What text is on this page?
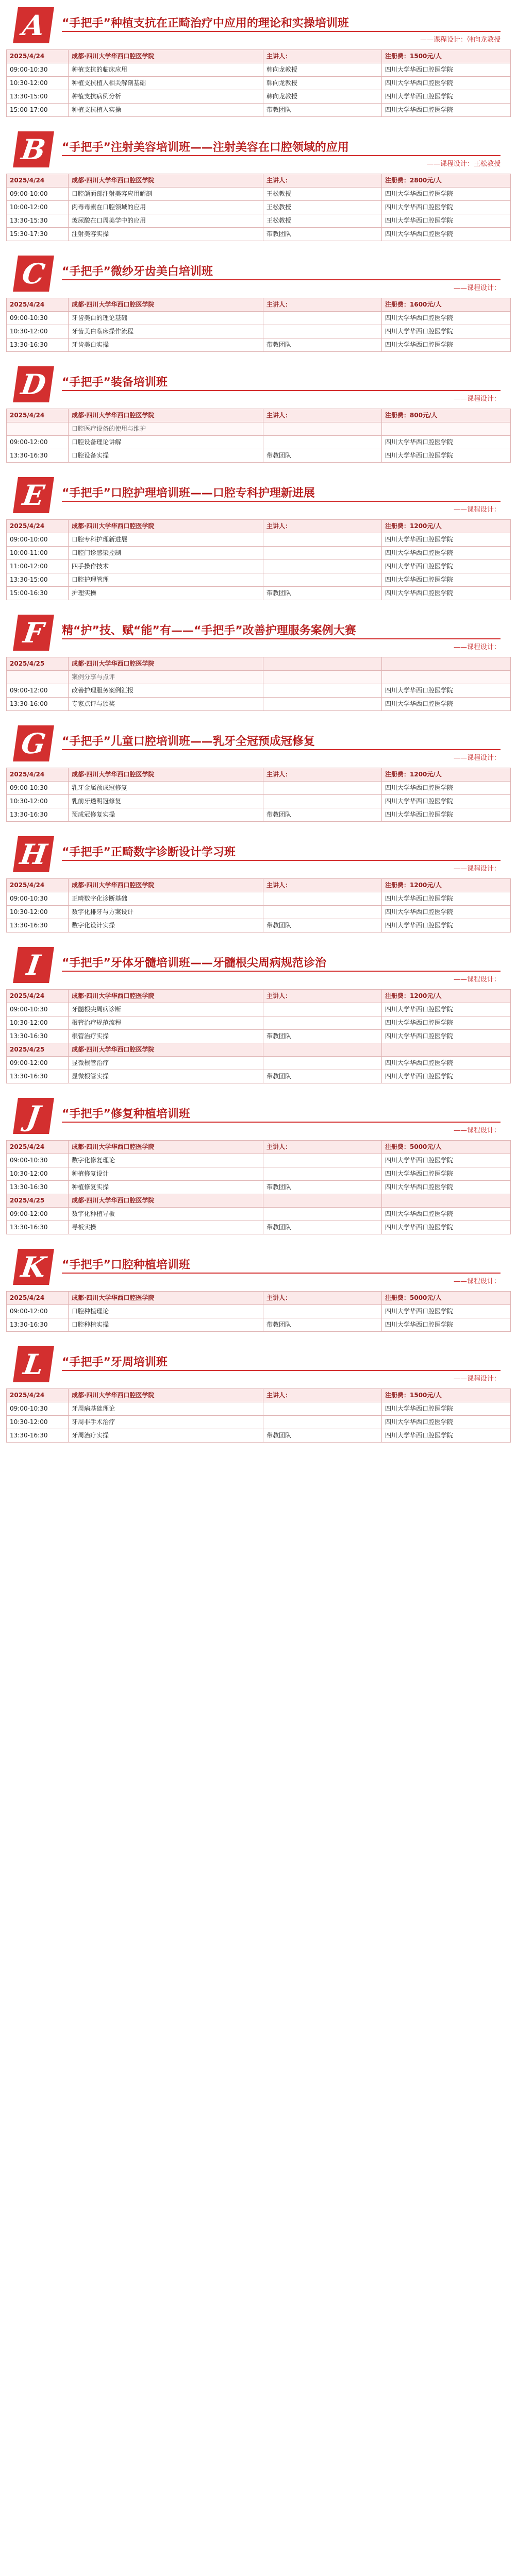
A	“手把手”种植支抗在正畸治疗中应用的理论和实操培训班
——课程设计：韩向龙教授
2025/4/24	成都·四川大学华西口腔医学院	主讲人：	注册费：1500元/人
09:00-10:30	种植支抗的临床应用	韩向龙教授	四川大学华西口腔医学院
10:30-12:00	种植支抗植入相关解剖基础	韩向龙教授	四川大学华西口腔医学院
13:30-15:00	种植支抗病例分析	韩向龙教授	四川大学华西口腔医学院
15:00-17:00	种植支抗植入实操	带教团队	四川大学华西口腔医学院
B	“手把手”注射美容培训班——注射美容在口腔领域的应用
——课程设计：王松教授
2025/4/24	成都·四川大学华西口腔医学院	主讲人：	注册费：2800元/人
09:00-10:00	口腔颌面部注射美容应用解剖	王松教授	四川大学华西口腔医学院
10:00-12:00	肉毒毒素在口腔领域的应用	王松教授	四川大学华西口腔医学院
13:30-15:30	玻尿酸在口周美学中的应用	王松教授	四川大学华西口腔医学院
15:30-17:30	注射美容实操	带教团队	四川大学华西口腔医学院
C	“手把手”微纱牙齿美白培训班
——课程设计：
2025/4/24	成都·四川大学华西口腔医学院	主讲人：	注册费：1600元/人
09:00-10:30	牙齿美白的理论基础		四川大学华西口腔医学院
10:30-12:00	牙齿美白临床操作流程		四川大学华西口腔医学院
13:30-16:30	牙齿美白实操	带教团队	四川大学华西口腔医学院
D	“手把手”装备培训班
——课程设计：
2025/4/24	成都·四川大学华西口腔医学院	主讲人：	注册费：800元/人
	口腔医疗设备的使用与维护		
09:00-12:00	口腔设备理论讲解		四川大学华西口腔医学院
13:30-16:30	口腔设备实操	带教团队	四川大学华西口腔医学院
E	“手把手”口腔护理培训班——口腔专科护理新进展
——课程设计：
2025/4/24	成都·四川大学华西口腔医学院	主讲人：	注册费：1200元/人
09:00-10:00	口腔专科护理新进展		四川大学华西口腔医学院
10:00-11:00	口腔门诊感染控制		四川大学华西口腔医学院
11:00-12:00	四手操作技术		四川大学华西口腔医学院
13:30-15:00	口腔护理管理		四川大学华西口腔医学院
15:00-16:30	护理实操	带教团队	四川大学华西口腔医学院
F	精“护”技、赋“能”有——“手把手”改善护理服务案例大赛
——课程设计：
2025/4/25	成都·四川大学华西口腔医学院		
	案例分享与点评		
09:00-12:00	改善护理服务案例汇报		四川大学华西口腔医学院
13:30-16:00	专家点评与颁奖		四川大学华西口腔医学院
G	“手把手”儿童口腔培训班——乳牙全冠预成冠修复
——课程设计：
2025/4/24	成都·四川大学华西口腔医学院	主讲人：	注册费：1200元/人
09:00-10:30	乳牙金属预成冠修复		四川大学华西口腔医学院
10:30-12:00	乳前牙透明冠修复		四川大学华西口腔医学院
13:30-16:30	预成冠修复实操	带教团队	四川大学华西口腔医学院
H	“手把手”正畸数字诊断设计学习班
——课程设计：
2025/4/24	成都·四川大学华西口腔医学院	主讲人：	注册费：1200元/人
09:00-10:30	正畸数字化诊断基础		四川大学华西口腔医学院
10:30-12:00	数字化排牙与方案设计		四川大学华西口腔医学院
13:30-16:30	数字化设计实操	带教团队	四川大学华西口腔医学院
I	“手把手”牙体牙髓培训班——牙髓根尖周病规范诊治
——课程设计：
2025/4/24	成都·四川大学华西口腔医学院	主讲人：	注册费：1200元/人
09:00-10:30	牙髓根尖周病诊断		四川大学华西口腔医学院
10:30-12:00	根管治疗规范流程		四川大学华西口腔医学院
13:30-16:30	根管治疗实操	带教团队	四川大学华西口腔医学院
2025/4/25	成都·四川大学华西口腔医学院		
09:00-12:00	显微根管治疗		四川大学华西口腔医学院
13:30-16:30	显微根管实操	带教团队	四川大学华西口腔医学院
J	“手把手”修复种植培训班
——课程设计：
2025/4/24	成都·四川大学华西口腔医学院	主讲人：	注册费：5000元/人
09:00-10:30	数字化修复理论		四川大学华西口腔医学院
10:30-12:00	种植修复设计		四川大学华西口腔医学院
13:30-16:30	种植修复实操	带教团队	四川大学华西口腔医学院
2025/4/25	成都·四川大学华西口腔医学院		
09:00-12:00	数字化种植导板		四川大学华西口腔医学院
13:30-16:30	导板实操	带教团队	四川大学华西口腔医学院
K	“手把手”口腔种植培训班
——课程设计：
2025/4/24	成都·四川大学华西口腔医学院	主讲人：	注册费：5000元/人
09:00-12:00	口腔种植理论		四川大学华西口腔医学院
13:30-16:30	口腔种植实操	带教团队	四川大学华西口腔医学院
L	“手把手”牙周培训班
——课程设计：
2025/4/24	成都·四川大学华西口腔医学院	主讲人：	注册费：1500元/人
09:00-10:30	牙周病基础理论		四川大学华西口腔医学院
10:30-12:00	牙周非手术治疗		四川大学华西口腔医学院
13:30-16:30	牙周治疗实操	带教团队	四川大学华西口腔医学院
